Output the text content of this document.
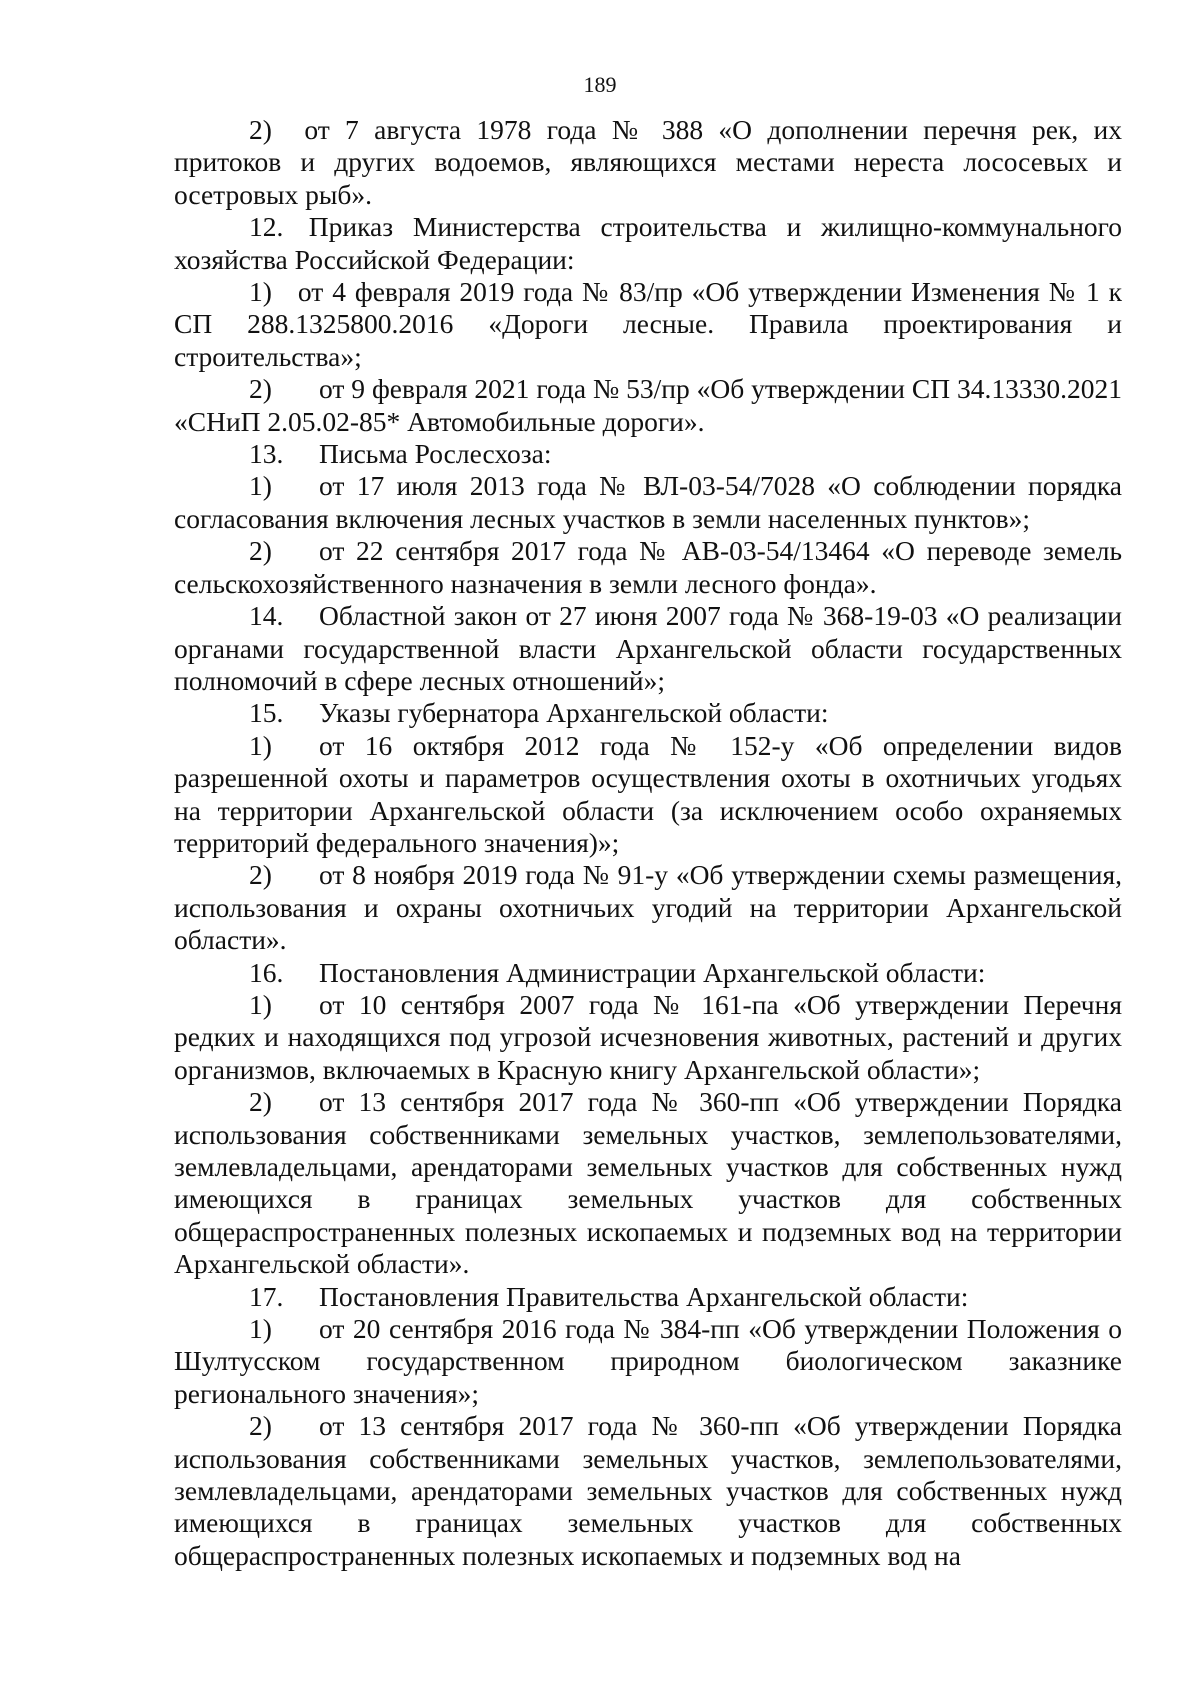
189

2) от 7 августа 1978 года № 388 «О дополнении перечня рек, их притоков и других водоемов, являющихся местами нереста лососевых и осетровых рыб».

12. Приказ Министерства строительства и жилищно-коммунального хозяйства Российской Федерации:

1) от 4 февраля 2019 года № 83/пр «Об утверждении Изменения № 1 к СП 288.1325800.2016 «Дороги лесные. Правила проектирования и строительства»;

2) от 9 февраля 2021 года № 53/пр «Об утверждении СП 34.13330.2021 «СНиП 2.05.02-85* Автомобильные дороги».

13. Письма Рослесхоза:

1) от 17 июля 2013 года № ВЛ-03-54/7028 «О соблюдении порядка согласования включения лесных участков в земли населенных пунктов»;

2) от 22 сентября 2017 года № АВ-03-54/13464 «О переводе земель сельскохозяйственного назначения в земли лесного фонда».

14. Областной закон от 27 июня 2007 года № 368-19-03 «О реализации органами государственной власти Архангельской области государственных полномочий в сфере лесных отношений»;

15. Указы губернатора Архангельской области:

1) от 16 октября 2012 года № 152-у «Об определении видов разрешенной охоты и параметров осуществления охоты в охотничьих угодьях на территории Архангельской области (за исключением особо охраняемых территорий федерального значения)»;

2) от 8 ноября 2019 года № 91-у «Об утверждении схемы размещения, использования и охраны охотничьих угодий на территории Архангельской области».

16. Постановления Администрации Архангельской области:

1) от 10 сентября 2007 года № 161-па «Об утверждении Перечня редких и находящихся под угрозой исчезновения животных, растений и других организмов, включаемых в Красную книгу Архангельской области»;

2) от 13 сентября 2017 года № 360-пп «Об утверждении Порядка использования собственниками земельных участков, землепользователями, землевладельцами, арендаторами земельных участков для собственных нужд имеющихся в границах земельных участков для собственных общераспространенных полезных ископаемых и подземных вод на территории Архангельской области».

17. Постановления Правительства Архангельской области:

1) от 20 сентября 2016 года № 384-пп «Об утверждении Положения о Шултусском государственном природном биологическом заказнике регионального значения»;

2) от 13 сентября 2017 года № 360-пп «Об утверждении Порядка использования собственниками земельных участков, землепользователями, землевладельцами, арендаторами земельных участков для собственных нужд имеющихся в границах земельных участков для собственных общераспространенных полезных ископаемых и подземных вод на
